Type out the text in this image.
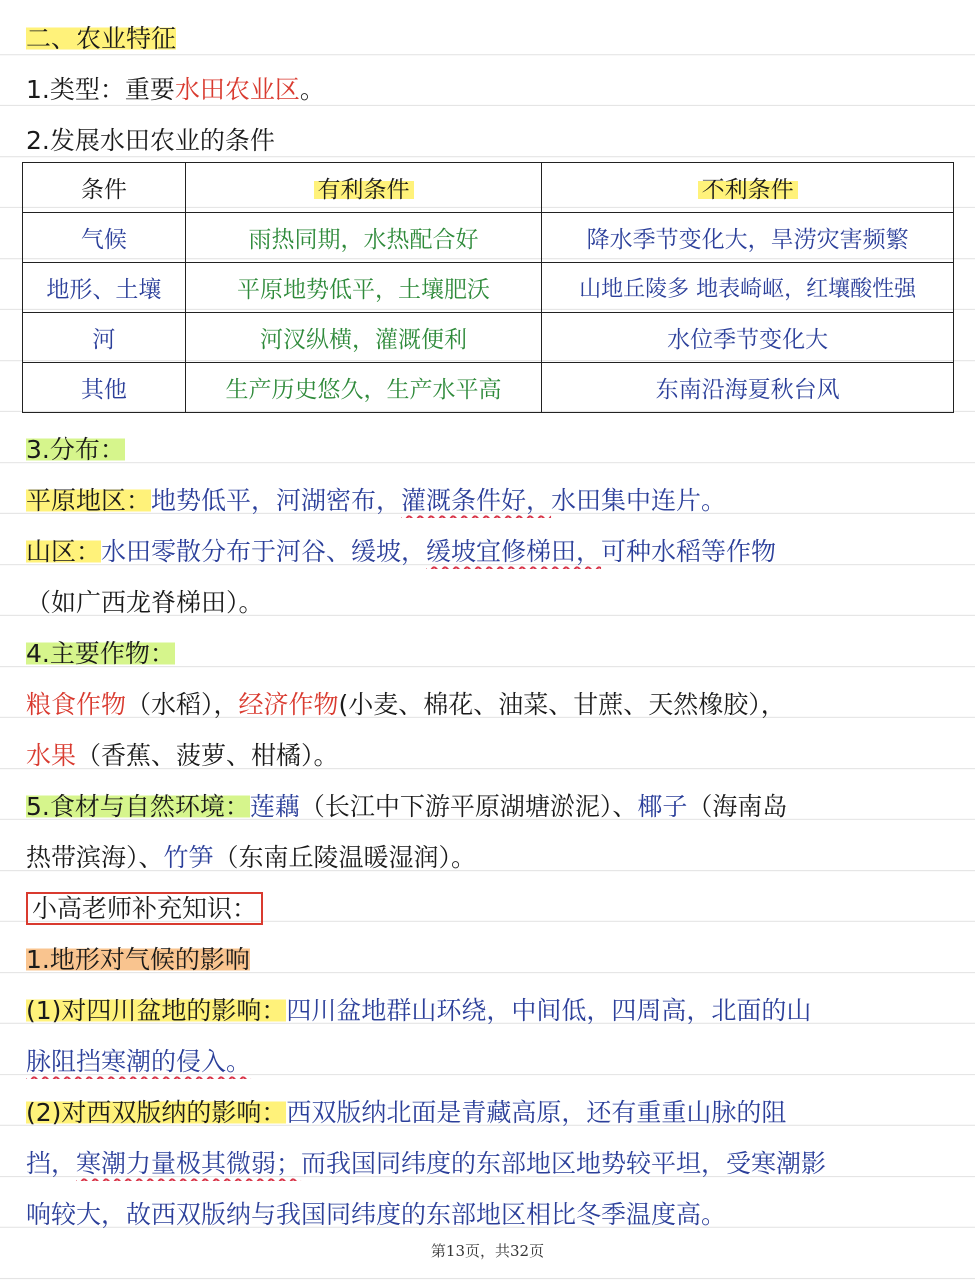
二、农业特征
1.类型：重要水田农业区。
2.发展水田农业的条件
条件	有利条件	不利条件
气候	雨热同期，水热配合好	降水季节变化大，旱涝灾害频繁
地形、土壤	平原地势低平，土壤肥沃	山地丘陵多 地表崎岖，红壤酸性强
河	河汊纵横，灌溉便利	水位季节变化大
其他	生产历史悠久，生产水平高	东南沿海夏秋台风
3.分布：
平原地区：地势低平，河湖密布，灌溉条件好，水田集中连片。
山区：水田零散分布于河谷、缓坡，缓坡宜修梯田，可种水稻等作物
（如广西龙脊梯田）。
4.主要作物：
粮食作物（水稻），经济作物(小麦、棉花、油菜、甘蔗、天然橡胶），
水果（香蕉、菠萝、柑橘）。
5.食材与自然环境：莲藕（长江中下游平原湖塘淤泥）、椰子（海南岛
热带滨海）、竹笋（东南丘陵温暖湿润）。
小高老师补充知识：
1.地形对气候的影响
(1)对四川盆地的影响：四川盆地群山环绕，中间低，四周高，北面的山
脉阻挡寒潮的侵入。
(2)对西双版纳的影响：西双版纳北面是青藏高原，还有重重山脉的阻
挡，寒潮力量极其微弱；而我国同纬度的东部地区地势较平坦，受寒潮影
响较大，故西双版纳与我国同纬度的东部地区相比冬季温度高。
第13页，共32页
